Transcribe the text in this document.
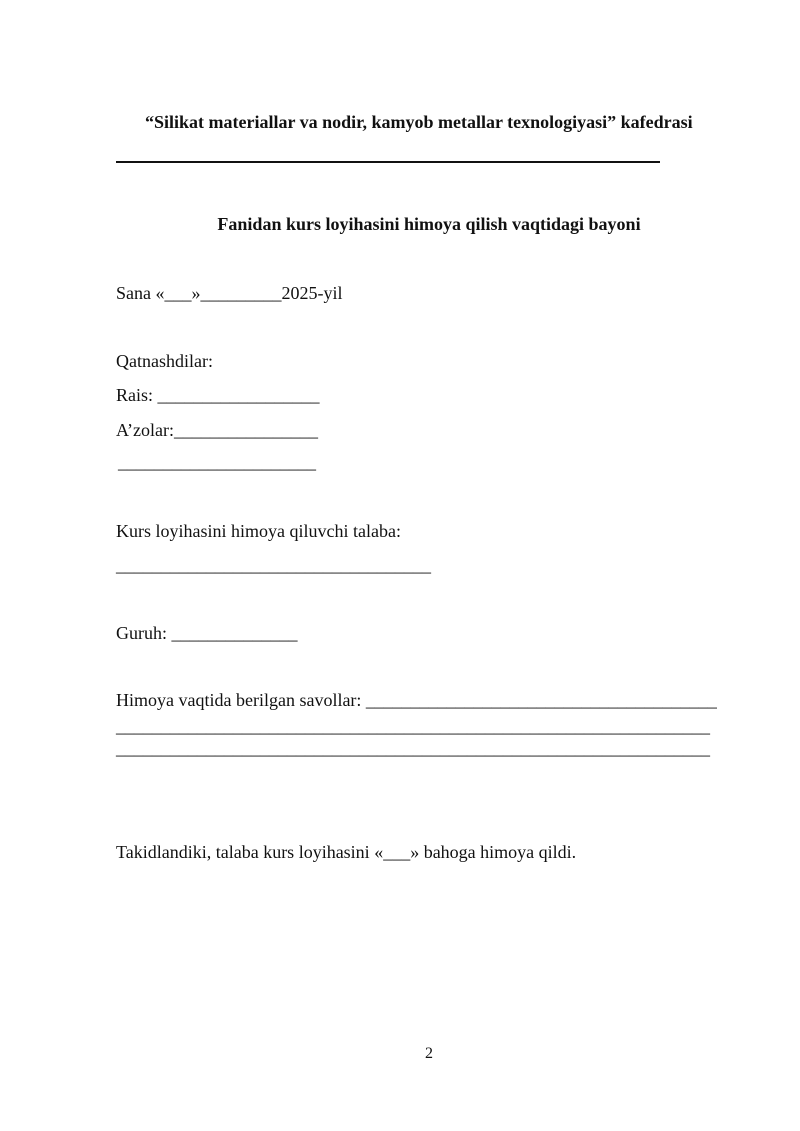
“Silikat materiallar va nodir, kamyob metallar texnologiyasi” kafedrasi
Fanidan kurs loyihasini himoya qilish vaqtidagi bayoni
Sana «___»_________2025-yil
Qatnashdilar:
Rais: __________________
A’zolar:________________
______________________
Kurs loyihasini himoya qiluvchi talaba:
___________________________________
Guruh: ______________
Himoya vaqtida berilgan savollar: _______________________________________
__________________________________________________________________
__________________________________________________________________
Takidlandiki, talaba kurs loyihasini «___» bahoga himoya qildi.
2
